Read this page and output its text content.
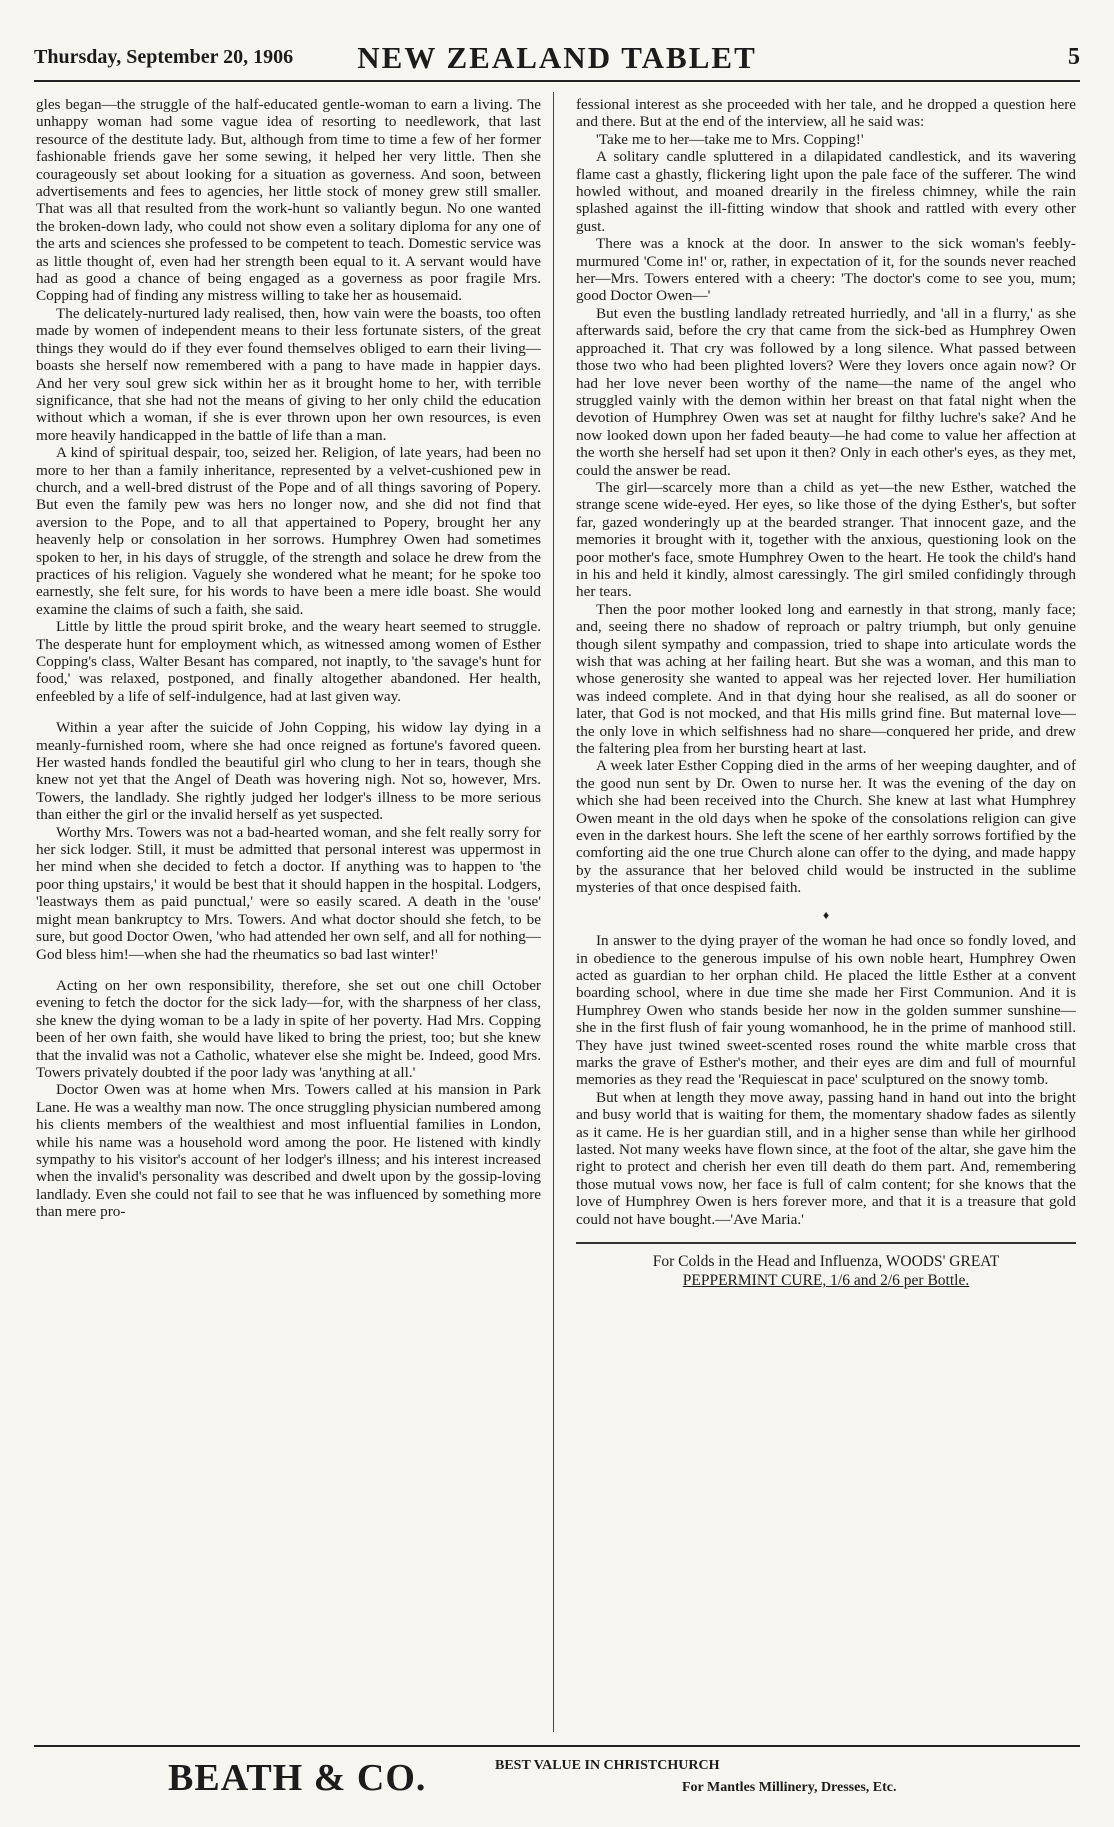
Thursday, September 20, 1906	NEW ZEALAND TABLET	5

gles began—the struggle of the half-educated gentle-woman to earn a living. The unhappy woman had some vague idea of resorting to needlework, that last resource of the destitute lady. But, although from time to time a few of her former fashionable friends gave her some sewing, it helped her very little. Then she courageously set about looking for a situation as governess. And soon, between advertisements and fees to agencies, her little stock of money grew still smaller. That was all that resulted from the work-hunt so valiantly begun. No one wanted the broken-down lady, who could not show even a solitary diploma for any one of the arts and sciences she professed to be competent to teach. Domestic service was as little thought of, even had her strength been equal to it. A servant would have had as good a chance of being engaged as a governess as poor fragile Mrs. Copping had of finding any mistress willing to take her as housemaid.

The delicately-nurtured lady realised, then, how vain were the boasts, too often made by women of independent means to their less fortunate sisters, of the great things they would do if they ever found themselves obliged to earn their living—boasts she herself now remembered with a pang to have made in happier days. And her very soul grew sick within her as it brought home to her, with terrible significance, that she had not the means of giving to her only child the education without which a woman, if she is ever thrown upon her own resources, is even more heavily handicapped in the battle of life than a man.

A kind of spiritual despair, too, seized her. Religion, of late years, had been no more to her than a family inheritance, represented by a velvet-cushioned pew in church, and a well-bred distrust of the Pope and of all things savoring of Popery. But even the family pew was hers no longer now, and she did not find that aversion to the Pope, and to all that appertained to Popery, brought her any heavenly help or consolation in her sorrows. Humphrey Owen had sometimes spoken to her, in his days of struggle, of the strength and solace he drew from the practices of his religion. Vaguely she wondered what he meant; for he spoke too earnestly, she felt sure, for his words to have been a mere idle boast. She would examine the claims of such a faith, she said.

Little by little the proud spirit broke, and the weary heart seemed to struggle. The desperate hunt for employment which, as witnessed among women of Esther Copping's class, Walter Besant has compared, not inaptly, to 'the savage's hunt for food,' was relaxed, postponed, and finally altogether abandoned. Her health, enfeebled by a life of self-indulgence, had at last given way.

Within a year after the suicide of John Copping, his widow lay dying in a meanly-furnished room, where she had once reigned as fortune's favored queen. Her wasted hands fondled the beautiful girl who clung to her in tears, though she knew not yet that the Angel of Death was hovering nigh. Not so, however, Mrs. Towers, the landlady. She rightly judged her lodger's illness to be more serious than either the girl or the invalid herself as yet suspected.

Worthy Mrs. Towers was not a bad-hearted woman, and she felt really sorry for her sick lodger. Still, it must be admitted that personal interest was uppermost in her mind when she decided to fetch a doctor. If anything was to happen to 'the poor thing upstairs,' it would be best that it should happen in the hospital. Lodgers, 'leastways them as paid punctual,' were so easily scared. A death in the 'ouse' might mean bankruptcy to Mrs. Towers. And what doctor should she fetch, to be sure, but good Doctor Owen, 'who had attended her own self, and all for nothing—God bless him!—when she had the rheumatics so bad last winter!'

Acting on her own responsibility, therefore, she set out one chill October evening to fetch the doctor for the sick lady—for, with the sharpness of her class, she knew the dying woman to be a lady in spite of her poverty. Had Mrs. Copping been of her own faith, she would have liked to bring the priest, too; but she knew that the invalid was not a Catholic, whatever else she might be. Indeed, good Mrs. Towers privately doubted if the poor lady was 'anything at all.'

Doctor Owen was at home when Mrs. Towers called at his mansion in Park Lane. He was a wealthy man now. The once struggling physician numbered among his clients members of the wealthiest and most influential families in London, while his name was a household word among the poor. He listened with kindly sympathy to his visitor's account of her lodger's illness; and his interest increased when the invalid's personality was described and dwelt upon by the gossip-loving landlady. Even she could not fail to see that he was influenced by something more than mere pro-

fessional interest as she proceeded with her tale, and he dropped a question here and there. But at the end of the interview, all he said was:

'Take me to her—take me to Mrs. Copping!'

A solitary candle spluttered in a dilapidated candlestick, and its wavering flame cast a ghastly, flickering light upon the pale face of the sufferer. The wind howled without, and moaned drearily in the fireless chimney, while the rain splashed against the ill-fitting window that shook and rattled with every other gust.

There was a knock at the door. In answer to the sick woman's feebly-murmured 'Come in!' or, rather, in expectation of it, for the sounds never reached her—Mrs. Towers entered with a cheery: 'The doctor's come to see you, mum; good Doctor Owen—'

But even the bustling landlady retreated hurriedly, and 'all in a flurry,' as she afterwards said, before the cry that came from the sick-bed as Humphrey Owen approached it. That cry was followed by a long silence. What passed between those two who had been plighted lovers? Were they lovers once again now? Or had her love never been worthy of the name—the name of the angel who struggled vainly with the demon within her breast on that fatal night when the devotion of Humphrey Owen was set at naught for filthy luchre's sake? And he now looked down upon her faded beauty—he had come to value her affection at the worth she herself had set upon it then? Only in each other's eyes, as they met, could the answer be read.

The girl—scarcely more than a child as yet—the new Esther, watched the strange scene wide-eyed. Her eyes, so like those of the dying Esther's, but softer far, gazed wonderingly up at the bearded stranger. That innocent gaze, and the memories it brought with it, together with the anxious, questioning look on the poor mother's face, smote Humphrey Owen to the heart. He took the child's hand in his and held it kindly, almost caressingly. The girl smiled confidingly through her tears.

Then the poor mother looked long and earnestly in that strong, manly face; and, seeing there no shadow of reproach or paltry triumph, but only genuine though silent sympathy and compassion, tried to shape into articulate words the wish that was aching at her failing heart. But she was a woman, and this man to whose generosity she wanted to appeal was her rejected lover. Her humiliation was indeed complete. And in that dying hour she realised, as all do sooner or later, that God is not mocked, and that His mills grind fine. But maternal love—the only love in which selfishness had no share—conquered her pride, and drew the faltering plea from her bursting heart at last.

A week later Esther Copping died in the arms of her weeping daughter, and of the good nun sent by Dr. Owen to nurse her. It was the evening of the day on which she had been received into the Church. She knew at last what Humphrey Owen meant in the old days when he spoke of the consolations religion can give even in the darkest hours. She left the scene of her earthly sorrows fortified by the comforting aid the one true Church alone can offer to the dying, and made happy by the assurance that her beloved child would be instructed in the sublime mysteries of that once despised faith.

♦

In answer to the dying prayer of the woman he had once so fondly loved, and in obedience to the generous impulse of his own noble heart, Humphrey Owen acted as guardian to her orphan child. He placed the little Esther at a convent boarding school, where in due time she made her First Communion. And it is Humphrey Owen who stands beside her now in the golden summer sunshine—she in the first flush of fair young womanhood, he in the prime of manhood still. They have just twined sweet-scented roses round the white marble cross that marks the grave of Esther's mother, and their eyes are dim and full of mournful memories as they read the 'Requiescat in pace' sculptured on the snowy tomb.

But when at length they move away, passing hand in hand out into the bright and busy world that is waiting for them, the momentary shadow fades as silently as it came. He is her guardian still, and in a higher sense than while her girlhood lasted. Not many weeks have flown since, at the foot of the altar, she gave him the right to protect and cherish her even till death do them part. And, remembering those mutual vows now, her face is full of calm content; for she knows that the love of Humphrey Owen is hers forever more, and that it is a treasure that gold could not have bought.—'Ave Maria.'

For Colds in the Head and Influenza, WOODS' GREAT
PEPPERMINT CURE, 1/6 and 2/6 per Bottle.
BEATH & CO.	BEST VALUE IN CHRISTCHURCH
For Mantles Millinery, Dresses, Etc.
